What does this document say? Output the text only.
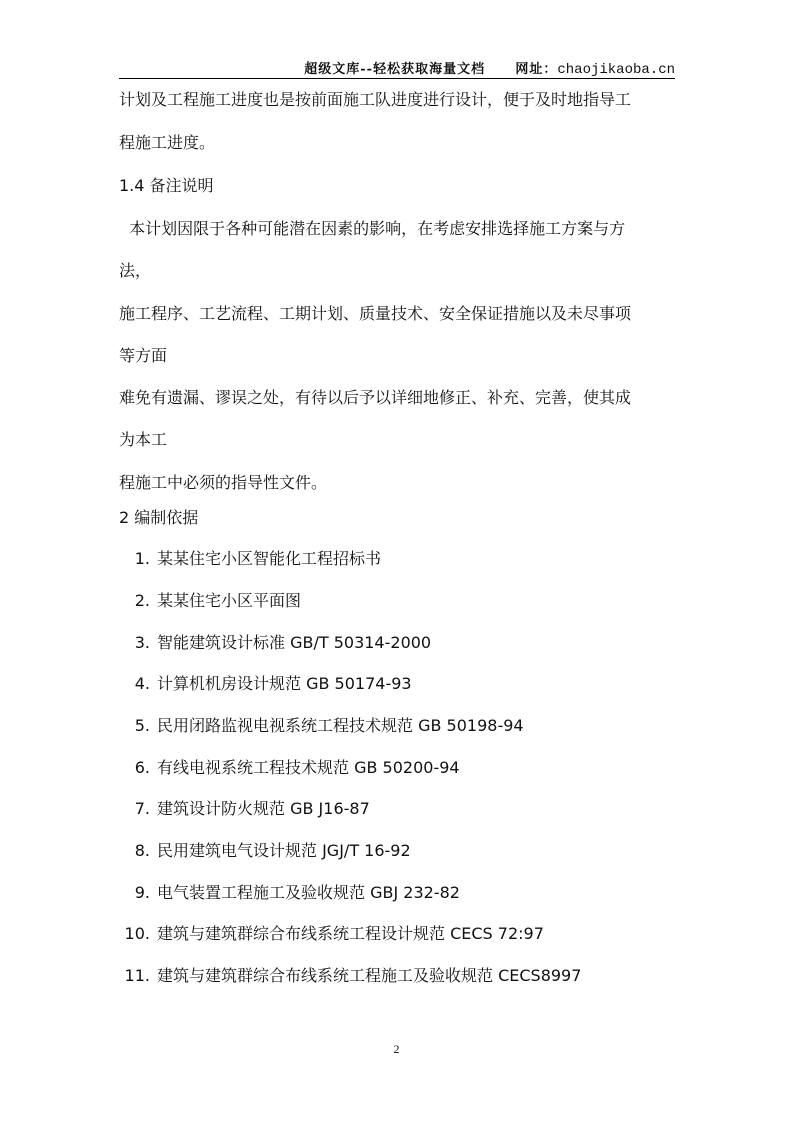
超级文库--轻松获取海量文档 网址：chaojikaoba.cn
计划及工程施工进度也是按前面施工队进度进行设计，便于及时地指导工
程施工进度。
1.4 备注说明
本计划因限于各种可能潜在因素的影响，在考虑安排选择施工方案与方
法，
施工程序、工艺流程、工期计划、质量技术、安全保证措施以及未尽事项
等方面
难免有遗漏、谬误之处，有待以后予以详细地修正、补充、完善，使其成
为本工
程施工中必须的指导性文件。
2 编制依据
1. 某某住宅小区智能化工程招标书
2. 某某住宅小区平面图
3. 智能建筑设计标准 GB/T 50314-2000
4. 计算机机房设计规范 GB 50174-93
5. 民用闭路监视电视系统工程技术规范 GB 50198-94
6. 有线电视系统工程技术规范 GB 50200-94
7. 建筑设计防火规范 GB J16-87
8. 民用建筑电气设计规范 JGJ/T 16-92
9. 电气装置工程施工及验收规范 GBJ 232-82
10. 建筑与建筑群综合布线系统工程设计规范 CECS 72:97
11. 建筑与建筑群综合布线系统工程施工及验收规范 CECS8997
2
